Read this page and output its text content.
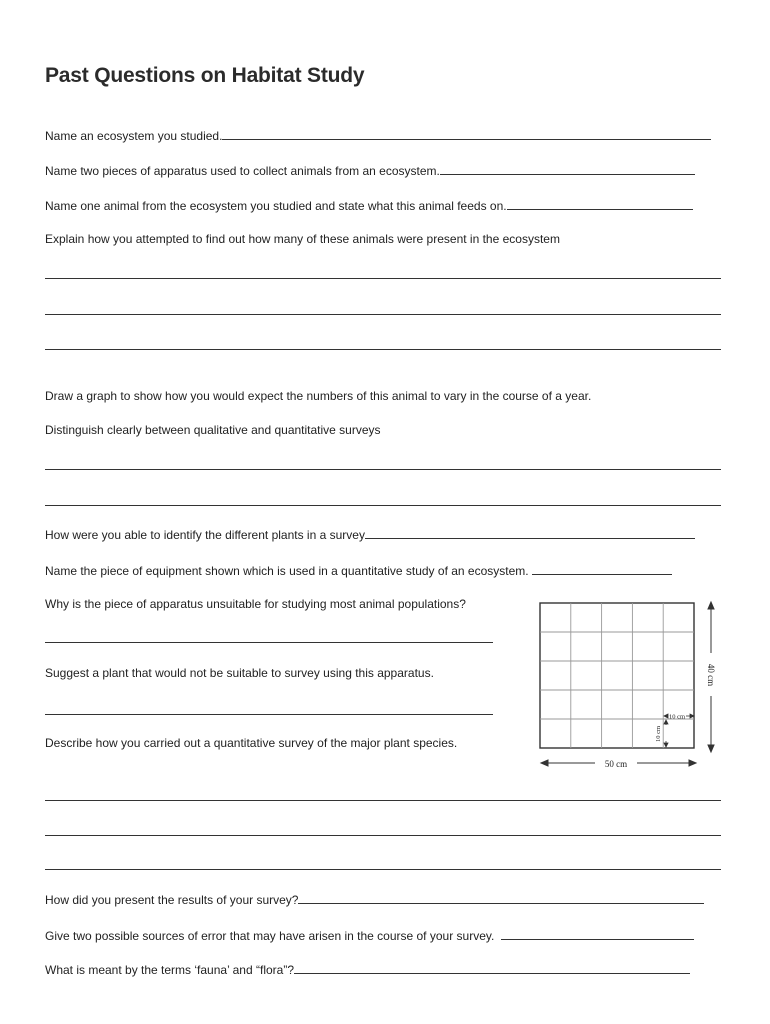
Past Questions on Habitat Study
Name an ecosystem you studied.
Name two pieces of apparatus used to collect animals from an ecosystem.
Name one animal from the ecosystem you studied and state what this animal feeds on.
Explain how you attempted to find out how many of these animals were present in the ecosystem
Draw a graph to show how you would expect the numbers of this animal to vary in the course of a year.
Distinguish clearly between qualitative and quantitative surveys
How were you able to identify the different plants in a survey
Name the piece of equipment shown which is used in a quantitative study of an ecosystem.
Why is the piece of apparatus unsuitable for studying most animal populations?
Suggest a plant that would not be suitable to survey using this apparatus.
Describe how you carried out a quantitative survey of the major plant species.
How did you present the results of your survey?
Give two possible sources of error that may have arisen in the course of your survey.
What is meant by the terms ‘fauna’ and “flora”?
10 cm
10 cm
40 cm
50 cm
